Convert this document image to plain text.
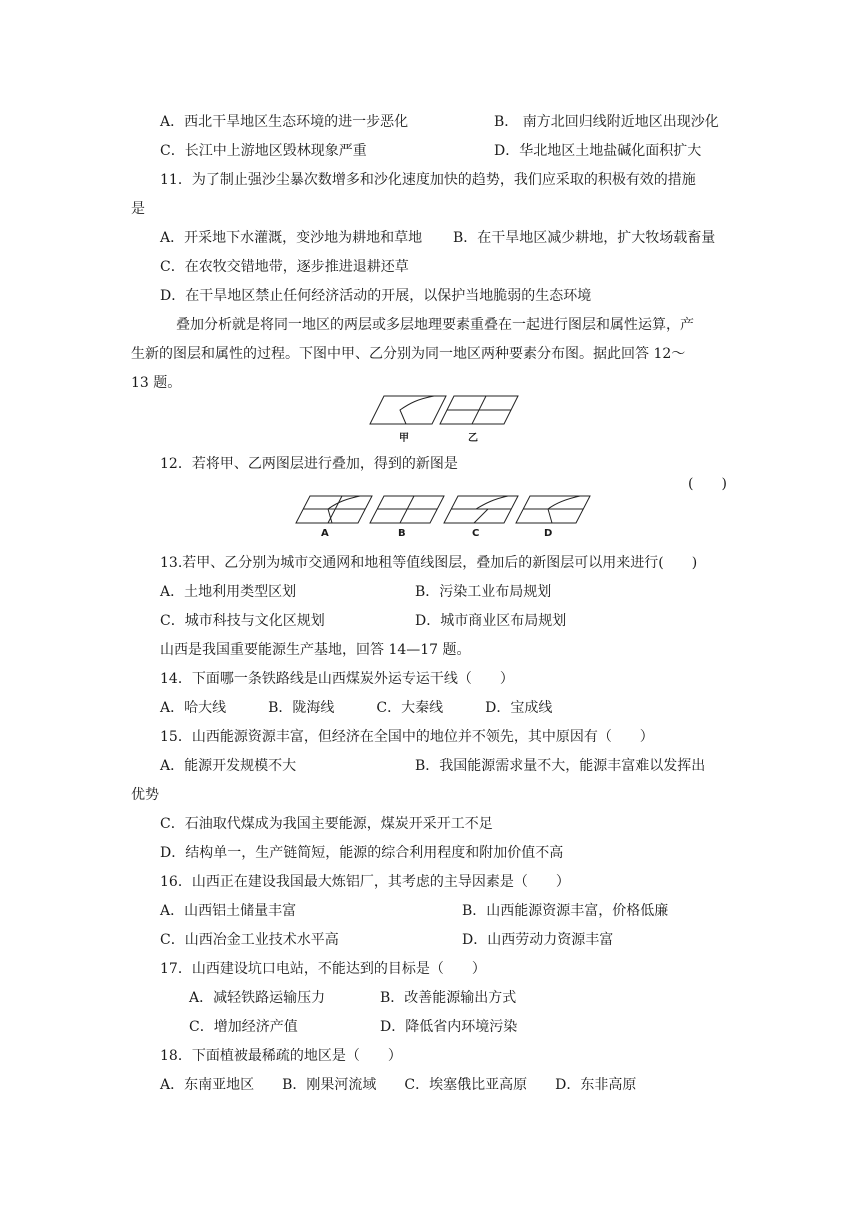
A．西北干旱地区生态环境的进一步恶化	B． 南方北回归线附近地区出现沙化
C．长江中上游地区毁林现象严重	D．华北地区土地盐碱化面积扩大
11．为了制止强沙尘暴次数增多和沙化速度加快的趋势，我们应采取的积极有效的措施
是
A．开采地下水灌溉，变沙地为耕地和草地 B．在干旱地区减少耕地，扩大牧场载畜量
C．在农牧交错地带，逐步推进退耕还草
D．在干旱地区禁止任何经济活动的开展，以保护当地脆弱的生态环境
叠加分析就是将同一地区的两层或多层地理要素重叠在一起进行图层和属性运算，产
生新的图层和属性的过程。下图中甲、乙分别为同一地区两种要素分布图。据此回答 12～
13 题。
甲	乙
12．若将甲、乙两图层进行叠加，得到的新图是
(　　)
A	B	C	D
13.若甲、乙分别为城市交通网和地租等值线图层，叠加后的新图层可以用来进行(　　)
A．土地利用类型区划	B．污染工业布局规划
C．城市科技与文化区规划	D．城市商业区布局规划
山西是我国重要能源生产基地，回答 14—17 题。
14．下面哪一条铁路线是山西煤炭外运专运干线（　　）
A．哈大线　　　B．陇海线　　　C．大秦线　　　D．宝成线
15．山西能源资源丰富，但经济在全国中的地位并不领先，其中原因有（　　）
A．能源开发规模不大	B．我国能源需求量不大，能源丰富难以发挥出
优势
C．石油取代煤成为我国主要能源，煤炭开采开工不足
D．结构单一，生产链简短，能源的综合利用程度和附加价值不高
16．山西正在建设我国最大炼铝厂，其考虑的主导因素是（　　）
A．山西铝土储量丰富	B．山西能源资源丰富，价格低廉
C．山西冶金工业技术水平高	D．山西劳动力资源丰富
17．山西建设坑口电站，不能达到的目标是（　　）
A．减轻铁路运输压力	B．改善能源输出方式
C．增加经济产值	D．降低省内环境污染
18．下面植被最稀疏的地区是（　　）
A．东南亚地区　　B．刚果河流域　　C．埃塞俄比亚高原　　D．东非高原
